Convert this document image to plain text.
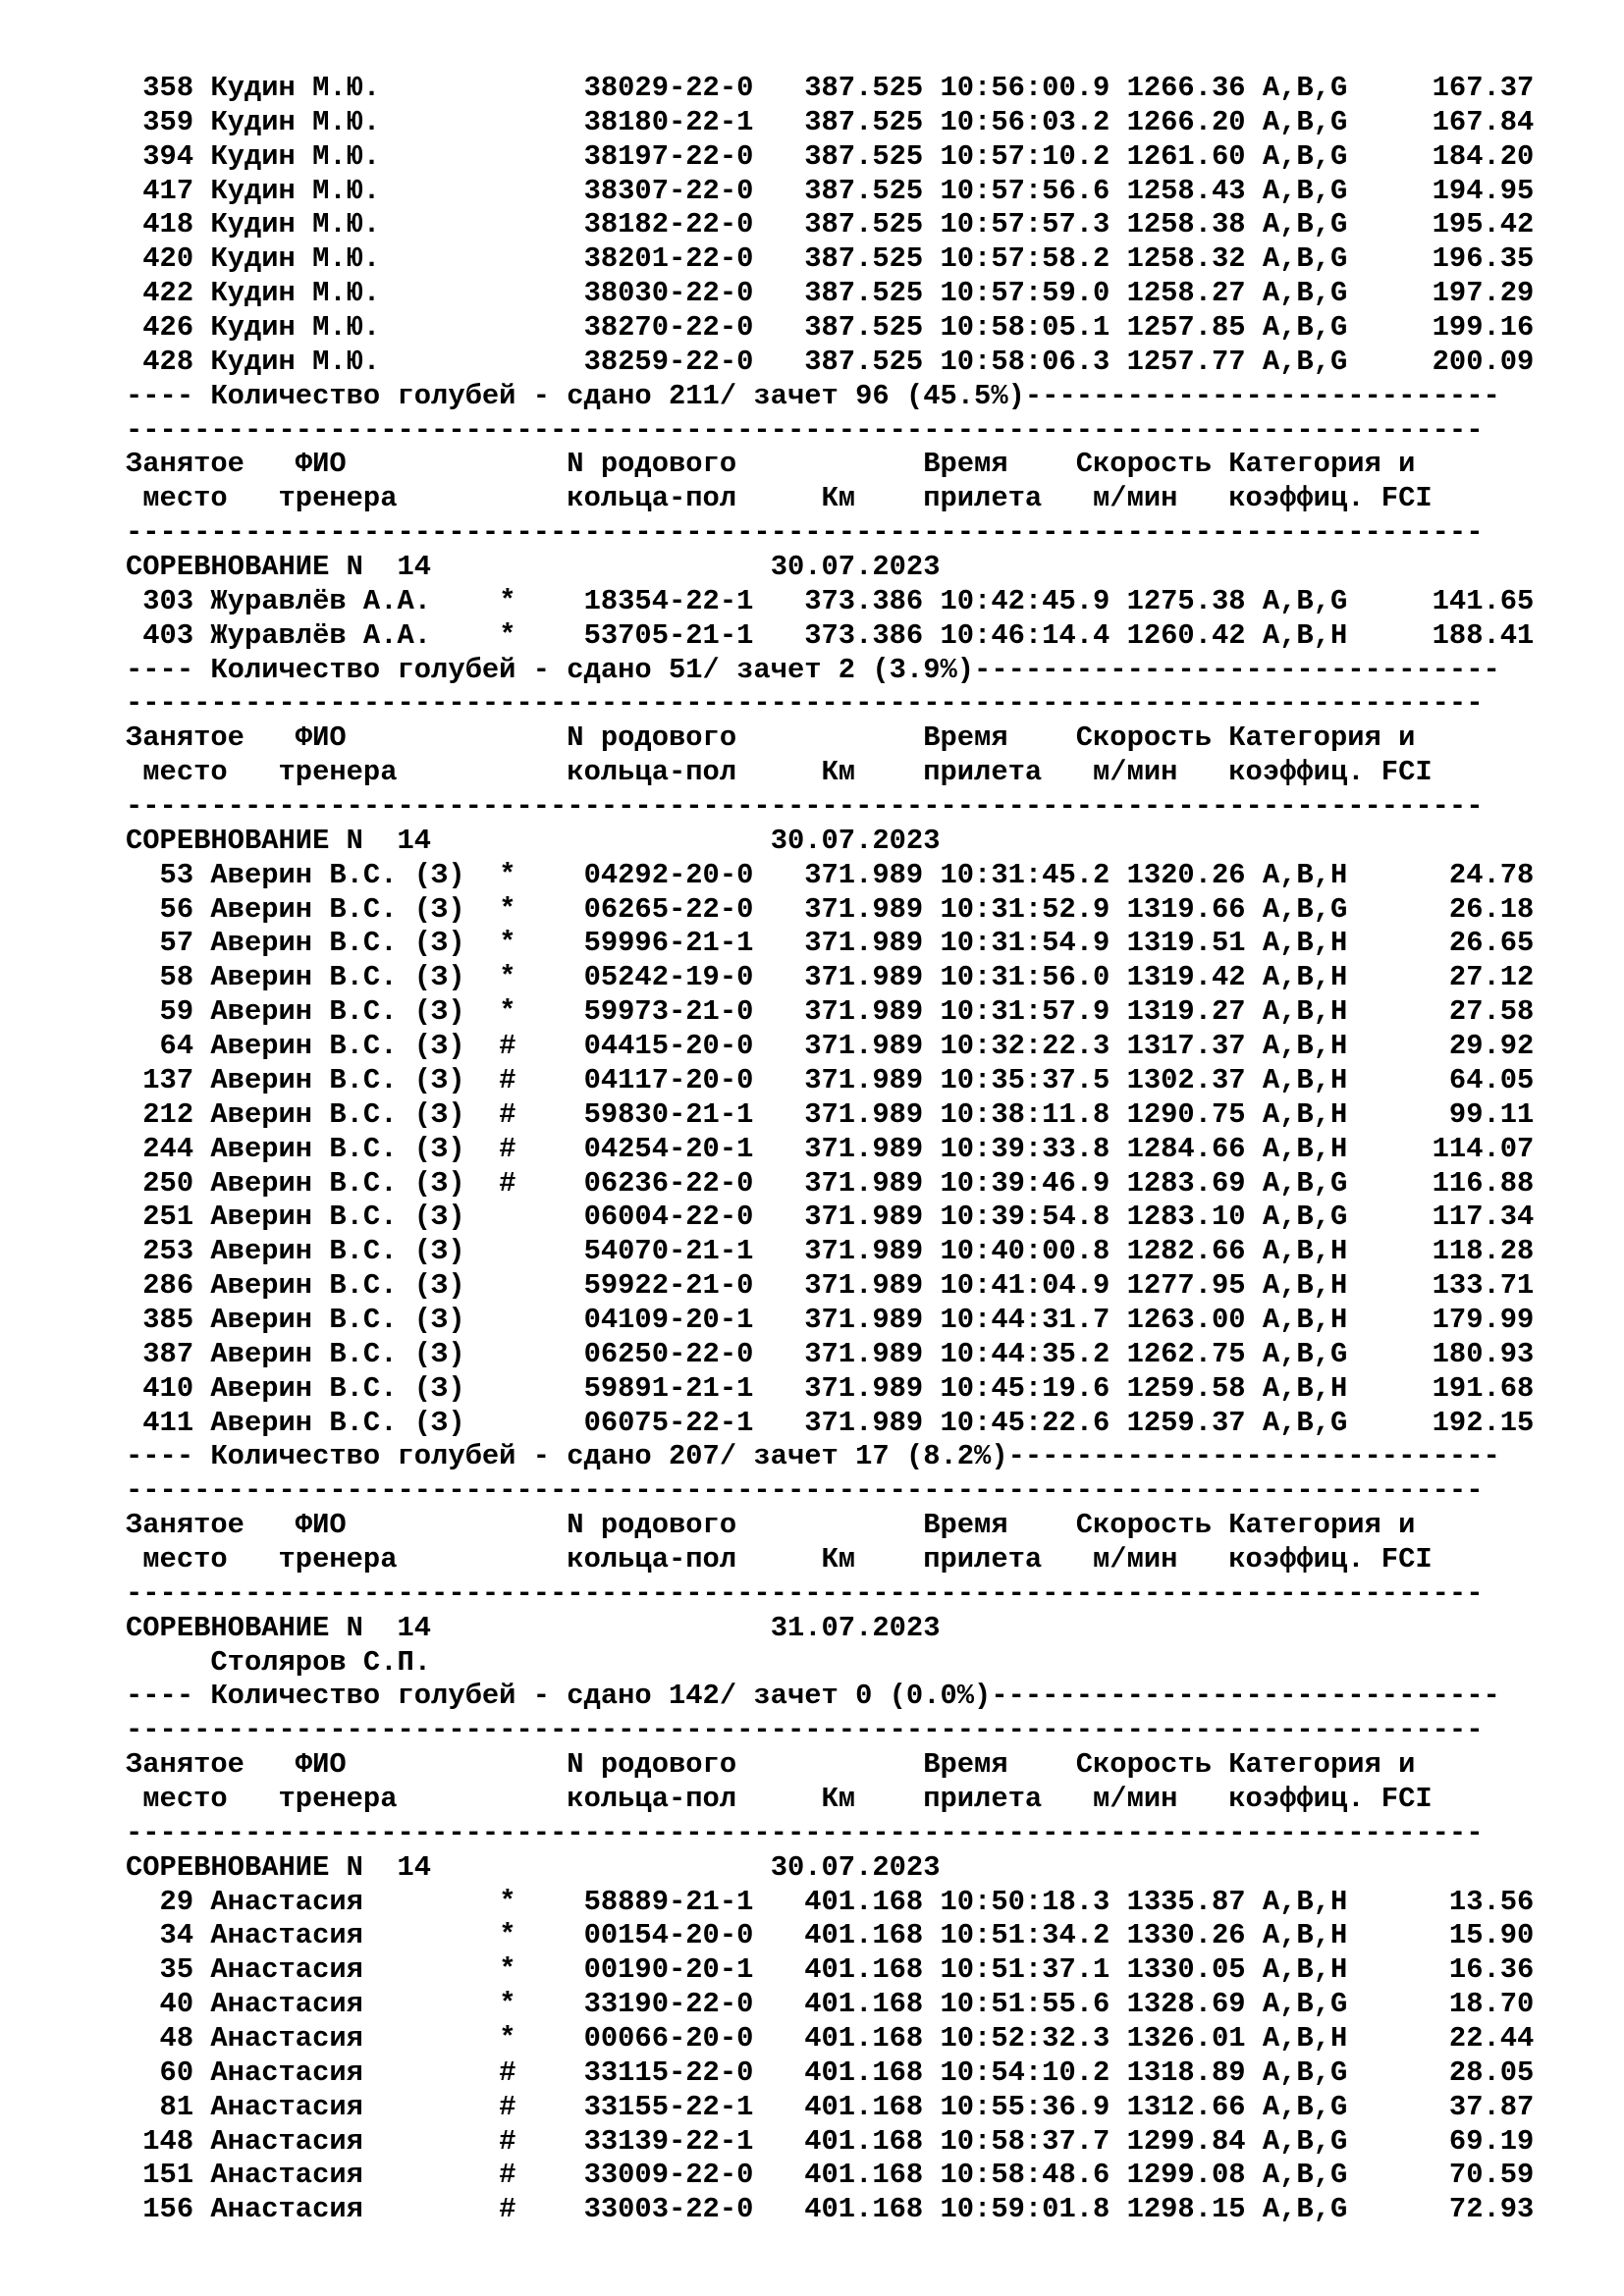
358 Кудин М.Ю.	38029-22-0   387.525 10:56:00.9 1266.36 A,B,G     167.37
359 Кудин М.Ю.	38180-22-1   387.525 10:56:03.2 1266.20 A,B,G     167.84
394 Кудин М.Ю.	38197-22-0   387.525 10:57:10.2 1261.60 A,B,G     184.20
417 Кудин М.Ю.	38307-22-0   387.525 10:57:56.6 1258.43 A,B,G     194.95
418 Кудин М.Ю.	38182-22-0   387.525 10:57:57.3 1258.38 A,B,G     195.42
420 Кудин М.Ю.	38201-22-0   387.525 10:57:58.2 1258.32 A,B,G     196.35
422 Кудин М.Ю.	38030-22-0   387.525 10:57:59.0 1258.27 A,B,G     197.29
426 Кудин М.Ю.	38270-22-0   387.525 10:58:05.1 1257.85 A,B,G     199.16
428 Кудин М.Ю.	38259-22-0   387.525 10:58:06.3 1257.77 A,B,G     200.09
---- Количество голубей - сдано 211/ зачет 96 (45.5%)----------------------------
--------------------------------------------------------------------------------
Занятое   ФИО             N родового           Время    Скорость Категория и
место   тренера          кольца-пол     Км    прилета   м/мин   коэффиц. FCI
--------------------------------------------------------------------------------
СОРЕВНОВАНИЕ N  14                    30.07.2023
303 Журавлёв А.А.    *    18354-22-1   373.386 10:42:45.9 1275.38 A,B,G     141.65
403 Журавлёв А.А.    *    53705-21-1   373.386 10:46:14.4 1260.42 A,B,H     188.41
---- Количество голубей - сдано 51/ зачет 2 (3.9%)-------------------------------
--------------------------------------------------------------------------------
Занятое   ФИО             N родового           Время    Скорость Категория и
место   тренера          кольца-пол     Км    прилета   м/мин   коэффиц. FCI
--------------------------------------------------------------------------------
СОРЕВНОВАНИЕ N  14                    30.07.2023
53 Аверин В.С. (З)  *    04292-20-0   371.989 10:31:45.2 1320.26 A,B,H      24.78
56 Аверин В.С. (З)  *    06265-22-0   371.989 10:31:52.9 1319.66 A,B,G      26.18
57 Аверин В.С. (З)  *    59996-21-1   371.989 10:31:54.9 1319.51 A,B,H      26.65
58 Аверин В.С. (З)  *    05242-19-0   371.989 10:31:56.0 1319.42 A,B,H      27.12
59 Аверин В.С. (З)  *    59973-21-0   371.989 10:31:57.9 1319.27 A,B,H      27.58
64 Аверин В.С. (З)  #    04415-20-0   371.989 10:32:22.3 1317.37 A,B,H      29.92
137 Аверин В.С. (З)  #    04117-20-0   371.989 10:35:37.5 1302.37 A,B,H      64.05
212 Аверин В.С. (З)  #    59830-21-1   371.989 10:38:11.8 1290.75 A,B,H      99.11
244 Аверин В.С. (З)  #    04254-20-1   371.989 10:39:33.8 1284.66 A,B,H     114.07
250 Аверин В.С. (З)  #    06236-22-0   371.989 10:39:46.9 1283.69 A,B,G     116.88
251 Аверин В.С. (З)	06004-22-0   371.989 10:39:54.8 1283.10 A,B,G     117.34
253 Аверин В.С. (З)	54070-21-1   371.989 10:40:00.8 1282.66 A,B,H     118.28
286 Аверин В.С. (З)	59922-21-0   371.989 10:41:04.9 1277.95 A,B,H     133.71
385 Аверин В.С. (З)	04109-20-1   371.989 10:44:31.7 1263.00 A,B,H     179.99
387 Аверин В.С. (З)	06250-22-0   371.989 10:44:35.2 1262.75 A,B,G     180.93
410 Аверин В.С. (З)	59891-21-1   371.989 10:45:19.6 1259.58 A,B,H     191.68
411 Аверин В.С. (З)	06075-22-1   371.989 10:45:22.6 1259.37 A,B,G     192.15
---- Количество голубей - сдано 207/ зачет 17 (8.2%)-----------------------------
--------------------------------------------------------------------------------
Занятое   ФИО             N родового           Время    Скорость Категория и
место   тренера          кольца-пол     Км    прилета   м/мин   коэффиц. FCI
--------------------------------------------------------------------------------
СОРЕВНОВАНИЕ N  14                    31.07.2023
Столяров С.П.
---- Количество голубей - сдано 142/ зачет 0 (0.0%)------------------------------
--------------------------------------------------------------------------------
Занятое   ФИО             N родового           Время    Скорость Категория и
место   тренера          кольца-пол     Км    прилета   м/мин   коэффиц. FCI
--------------------------------------------------------------------------------
СОРЕВНОВАНИЕ N  14                    30.07.2023
29 Анастасия        *    58889-21-1   401.168 10:50:18.3 1335.87 A,B,H      13.56
34 Анастасия        *    00154-20-0   401.168 10:51:34.2 1330.26 A,B,H      15.90
35 Анастасия        *    00190-20-1   401.168 10:51:37.1 1330.05 A,B,H      16.36
40 Анастасия        *    33190-22-0   401.168 10:51:55.6 1328.69 A,B,G      18.70
48 Анастасия        *    00066-20-0   401.168 10:52:32.3 1326.01 A,B,H      22.44
60 Анастасия        #    33115-22-0   401.168 10:54:10.2 1318.89 A,B,G      28.05
81 Анастасия        #    33155-22-1   401.168 10:55:36.9 1312.66 A,B,G      37.87
148 Анастасия        #    33139-22-1   401.168 10:58:37.7 1299.84 A,B,G      69.19
151 Анастасия        #    33009-22-0   401.168 10:58:48.6 1299.08 A,B,G      70.59
156 Анастасия        #    33003-22-0   401.168 10:59:01.8 1298.15 A,B,G      72.93
